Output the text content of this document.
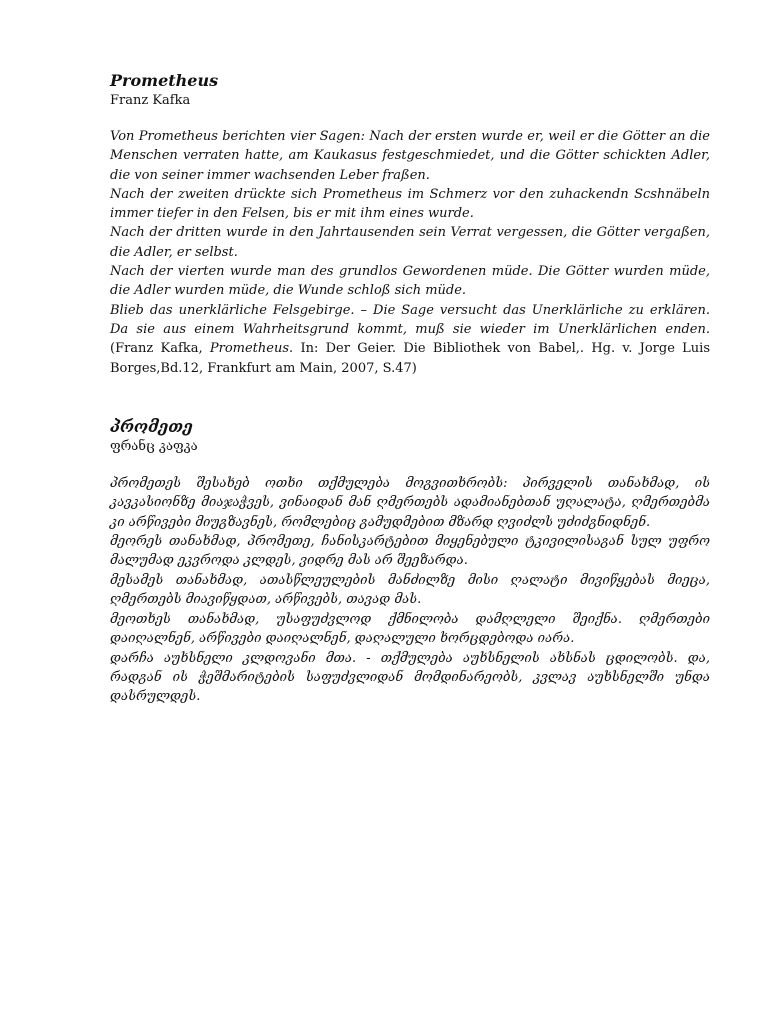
Prometheus

Franz Kafka

Von Prometheus berichten vier Sagen: Nach der ersten wurde er, weil er die Götter an die Menschen verraten hatte, am Kaukasus festgeschmiedet, und die Götter schickten Adler, die von seiner immer wachsenden Leber fraßen.

Nach der zweiten drückte sich Prometheus im Schmerz vor den zuhackendn Scshnäbeln immer tiefer in den Felsen, bis er mit ihm eines wurde.

Nach der dritten wurde in den Jahrtausenden sein Verrat vergessen, die Götter vergaßen, die Adler, er selbst.

Nach der vierten wurde man des grundlos Gewordenen müde. Die Götter wurden müde, die Adler wurden müde, die Wunde schloß sich müde.

Blieb das unerklärliche Felsgebirge. – Die Sage versucht das Unerklärliche zu erklären. Da sie aus einem Wahrheitsgrund kommt, muß sie wieder im Unerklärlichen enden. (Franz Kafka, Prometheus. In: Der Geier. Die Bibliothek von Babel,. Hg. v. Jorge Luis Borges,Bd.12, Frankfurt am Main, 2007, S.47)

პრომეთე

ფრანც კაფკა

პრომეთეს შესახებ ოთხი თქმულება მოგვითხრობს: პირველის თანახმად, ის კავკასიონზე მიაჯაჭვეს, ვინაიდან მან ღმერთებს ადამიანებთან უღალატა, ღმერთებმა კი არწივები მიუგზავნეს, რომლებიც გამუდმებით მზარდ ღვიძლს უძიძგნიდნენ.

მეორეს თანახმად, პრომეთე, ჩანისკარტებით მიყენებული ტკივილისაგან სულ უფრო მალუმად ეკვროდა კლდეს, ვიდრე მას არ შეეზარდა.

მესამეს თანახმად, ათასწლეულების მანძილზე მისი ღალატი მივიწყებას მიეცა, ღმერთებს მიავიწყდათ, არწივებს, თავად მას.

მეოთხეს თანახმად, უსაფუძვლოდ ქმნილობა დამღლელი შეიქნა. ღმერთები დაიღალნენ, არწივები დაიღალნენ, დაღალული ხორცდებოდა იარა.

დარჩა აუხსნელი კლდოვანი მთა. - თქმულება აუხსნელის ახსნას ცდილობს. და, რადგან ის ჭეშმარიტების საფუძვლიდან მომდინარეობს, კვლავ აუხსნელში უნდა დასრულდეს.
